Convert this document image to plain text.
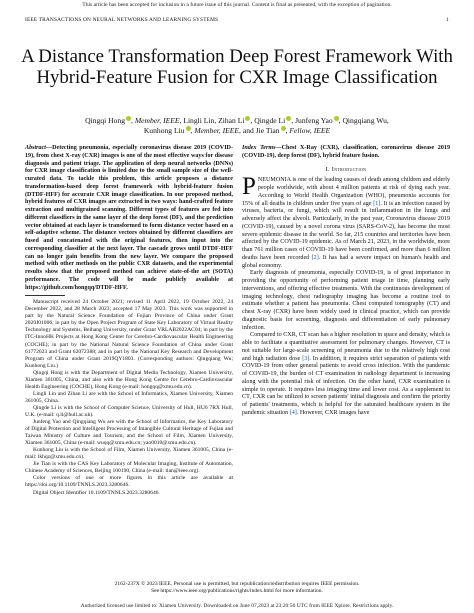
This article has been accepted for inclusion in a future issue of this journal. Content is final as presented, with the exception of pagination.
IEEE TRANSACTIONS ON NEURAL NETWORKS AND LEARNING SYSTEMS	1
A Distance Transformation Deep Forest Framework With Hybrid-Feature Fusion for CXR Image Classification
Qingqi Hong , Member, IEEE, Lingli Lin, Zihan Li , Qingde Li , Junfeng Yao , Qingqiang Wu,
Kunhong Liu , Member, IEEE, and Jie Tian , Fellow, IEEE

Abstract—Detecting pneumonia, especially coronavirus disease 2019 (COVID-19), from chest X-ray (CXR) images is one of the most effective ways for disease diagnosis and patient triage. The application of deep neural networks (DNNs) for CXR image classification is limited due to the small sample size of the well-curated data. To tackle this problem, this article proposes a distance transformation-based deep forest framework with hybrid-feature fusion (DTDF-HFF) for accurate CXR image classification. In our proposed method, hybrid features of CXR images are extracted in two ways: hand-crafted feature extraction and multigrained scanning. Different types of features are fed into different classifiers in the same layer of the deep forest (DF), and the prediction vector obtained at each layer is transformed to form distance vector based on a self-adaptive scheme. The distance vectors obtained by different classifiers are fused and concatenated with the original features, then input into the corresponding classifier at the next layer. The cascade grows until DTDF-HFF can no longer gain benefits from the new layer. We compare the proposed method with other methods on the public CXR datasets, and the experimental results show that the proposed method can achieve state-of-the art (SOTA) performance. The code will be made publicly available at https://github.com/hongqq/DTDF-HFF.

Manuscript received 24 October 2021; revised 11 April 2022, 19 October 2022, 24 December 2022, and 28 March 2023; accepted 17 May 2023. This work was supported in part by the Natural Science Foundation of Fujian Province of China under Grant 2020J01006; in part by the Open Project Program of State Key Laboratory of Virtual Reality Technology and Systems, Beihang University, under Grant VRLAB2022AC04; in part by the ITC-InnoHK Projects at Hong Kong Center for Cerebro-Cardiovascular Health Engineering (COCHE); in part by the National Natural Science Foundation of China under Grant 61772023 and Grant 62072388; and in part by the National Key Research and Development Program of China under Grant 2019QY1803. (Corresponding authors: Qingqiang Wu; Kunhong Liu.)

Qingqi Hong is with the Department of Digital Media Technology, Xiamen University, Xiamen 361005, China, and also with the Hong Kong Centre for Cerebro-Cardiovascular Health Engineering (COCHE), Hong Kong (e-mail: hongqq@xmu.edu.cn).

Lingli Lin and Zihan Li are with the School of Informatics, Xiamen University, Xiamen 361005, China.

Qingde Li is with the School of Computer Science, University of Hull, HU6 7RX Hull, U.K. (e-mail: q.li@hull.ac.uk).

Junfeng Yao and Qingqiang Wu are with the School of Informatics, the Key Laboratory of Digital Protection and Intelligent Processing of Intangible Cultural Heritage of Fujian and Taiwan Ministry of Culture and Tourism, and the School of Film, Xiamen University, Xiamen 361005, China (e-mail: wuqq@xmu.edu.cn; yao0010@xmu.edu.cn).

Kunhong Liu is with the School of Film, Xiamen University, Xiamen 361005, China (e-mail: lkhqz@xmu.edu.cn).

Jie Tian is with the CAS Key Laboratory of Molecular Imaging, Institute of Automation, Chinese Academy of Sciences, Beijing 100190, China (e-mail: tian@ieee.org).

Color versions of one or more figures in this article are available at https://doi.org/10.1109/TNNLS.2023.3280646.

Digital Object Identifier 10.1109/TNNLS.2023.3280646

Index Terms—Chest X-Ray (CXR), classification, coronavirus disease 2019 (COVID-19), deep forest (DF), hybrid feature fusion.

I. Introduction

PNEUMONIA is one of the leading causes of death among children and elderly people worldwide, with about 4 million patients at risk of dying each year. According to World Health Organization (WHO), pneumonia accounts for 15% of all deaths in children under five years of age [1]. It is an infection caused by viruses, bacteria, or fungi, which will result in inflammation in the lungs and adversely affect the alveoli. Particularly, in the past year, Coronavirus disease 2019 (COVID-19), caused by a novel corona virus (SARS-CoV-2), has become the most severe epidemic disease in the world. So far, 215 countries and territories have been affected by the COVID-19 epidemic. As of March 21, 2023, in the worldwide, more than 761 million cases of COVID-19 have been confirmed, and more than 6 million deaths have been recorded [2]. It has had a severe impact on human's health and global economy.

Early diagnosis of pneumonia, especially COVID-19, is of great importance in providing the opportunity of performing patient triage in time, planning early interventions, and offering effective treatments. With the continuous development of imaging technology, chest radiography imaging has become a routine tool to estimate whether a patient has pneumonia. Chest computed tomography (CT) and chest X-ray (CXR) have been widely used in clinical practice, which can provide diagnostic basis for screening, diagnosis and differentiation of early pulmonary infection.

Compared to CXR, CT scan has a higher resolution in space and density, which is able to facilitate a quantitative assessment for pulmonary changes. However, CT is not suitable for large-scale screening of pneumonia due to the relatively high cost and high radiation dose [3]. In addition, it requires strict separation of patients with COVID-19 from other general patients to avoid cross infection. With the pandemic of COVID-19, the burden of CT examination in radiology department is increasing along with the potential risk of infection. On the other hand, CXR examination is simple to operate. It requires less imaging time and lower cost. As a supplement to CT, CXR can be utilized to screen patients' initial diagnosis and confirm the priority of patients' treatments, which is helpful for the saturated healthcare system in the pandemic situation [4]. However, CXR images have

2162-237X © 2023 IEEE. Personal use is permitted, but republication/redistribution requires IEEE permission.
See https://www.ieee.org/publications/rights/index.html for more information.
Authorized licensed use limited to: Xiamen University. Downloaded on June 07,2023 at 23:20:56 UTC from IEEE Xplore. Restrictions apply.
